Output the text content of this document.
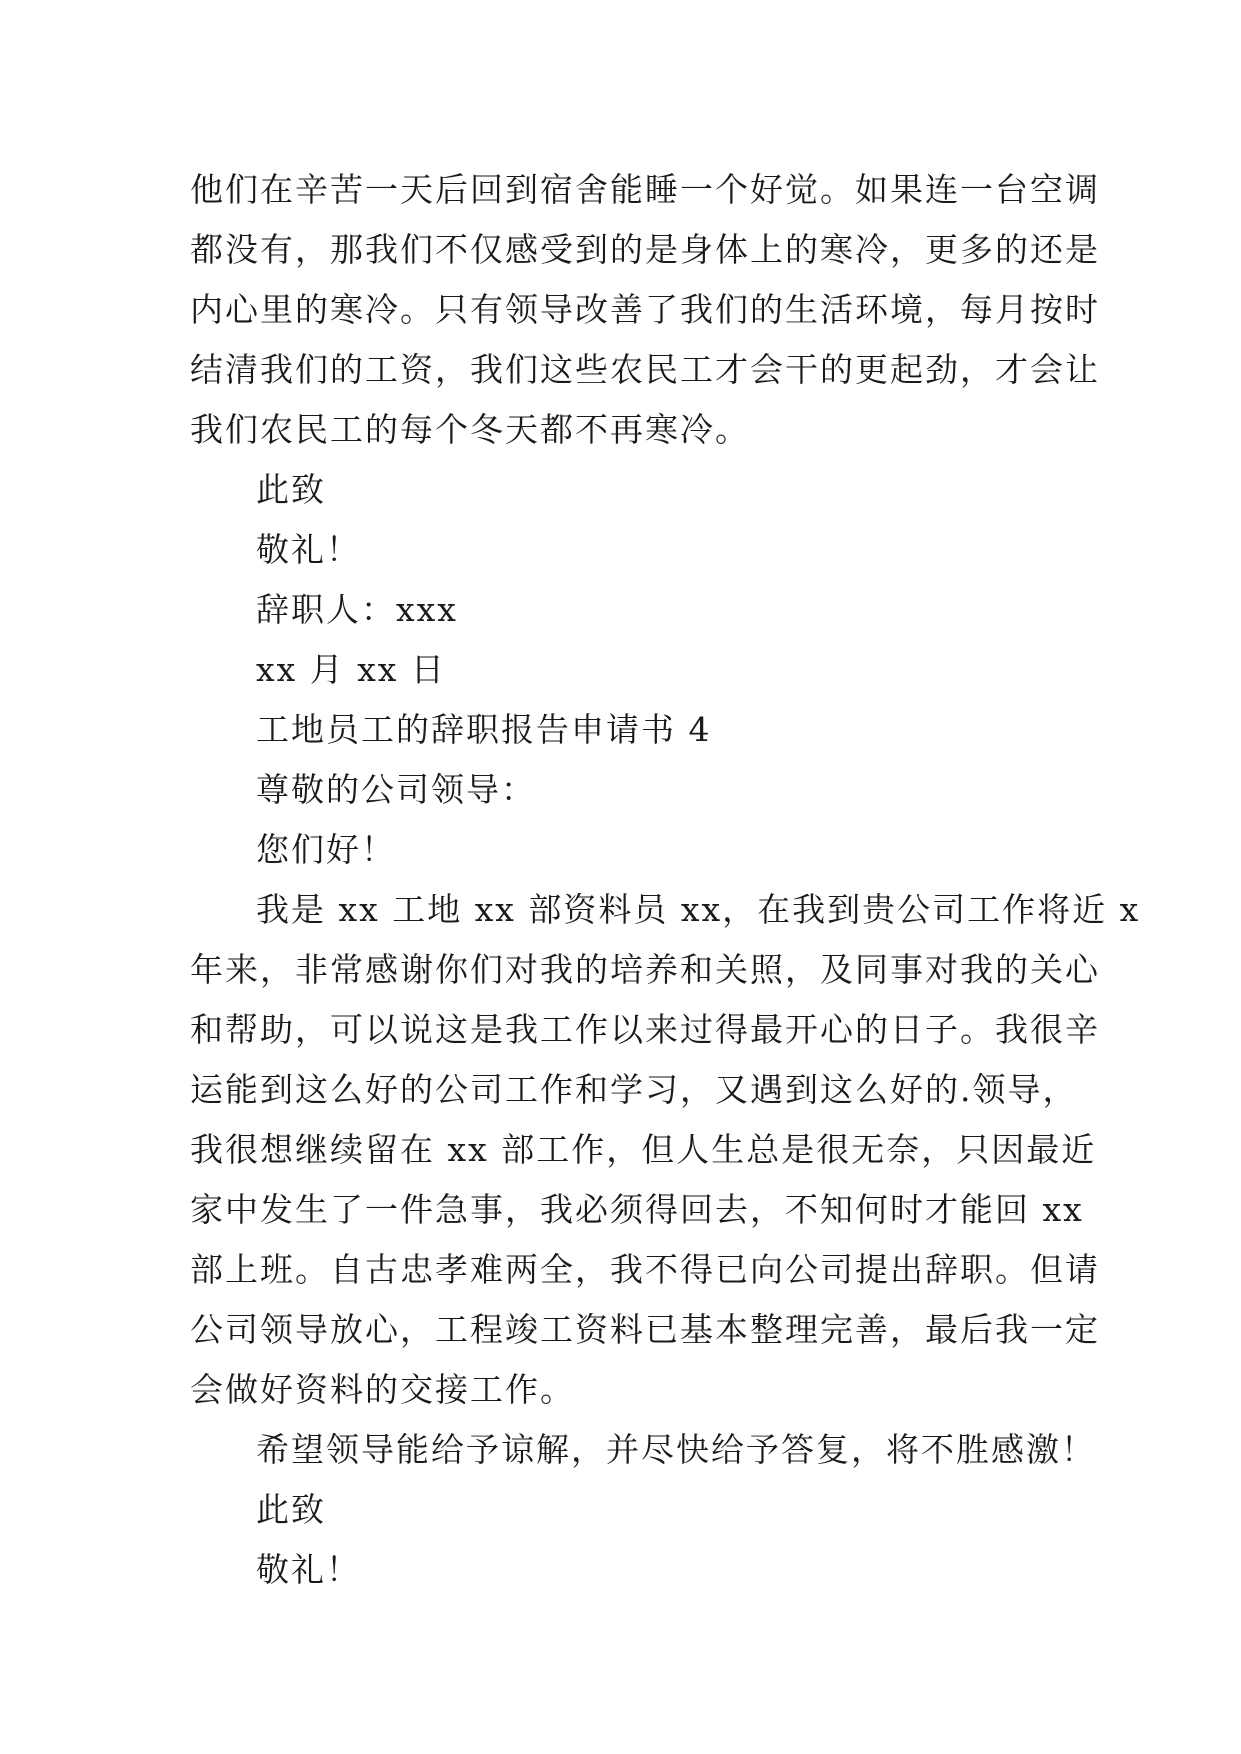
他们在辛苦一天后回到宿舍能睡一个好觉。如果连一台空调
都没有，那我们不仅感受到的是身体上的寒冷，更多的还是
内心里的寒冷。只有领导改善了我们的生活环境，每月按时
结清我们的工资，我们这些农民工才会干的更起劲，才会让
我们农民工的每个冬天都不再寒冷。
此致
敬礼！
辞职人：xxx
xx 月 xx 日
工地员工的辞职报告申请书 4
尊敬的公司领导：
您们好！
我是 xx 工地 xx 部资料员 xx，在我到贵公司工作将近 x
年来，非常感谢你们对我的培养和关照，及同事对我的关心
和帮助，可以说这是我工作以来过得最开心的日子。我很辛
运能到这么好的公司工作和学习，又遇到这么好的.领导，
我很想继续留在 xx 部工作，但人生总是很无奈，只因最近
家中发生了一件急事，我必须得回去，不知何时才能回 xx
部上班。自古忠孝难两全，我不得已向公司提出辞职。但请
公司领导放心，工程竣工资料已基本整理完善，最后我一定
会做好资料的交接工作。
希望领导能给予谅解，并尽快给予答复，将不胜感激！
此致
敬礼！
